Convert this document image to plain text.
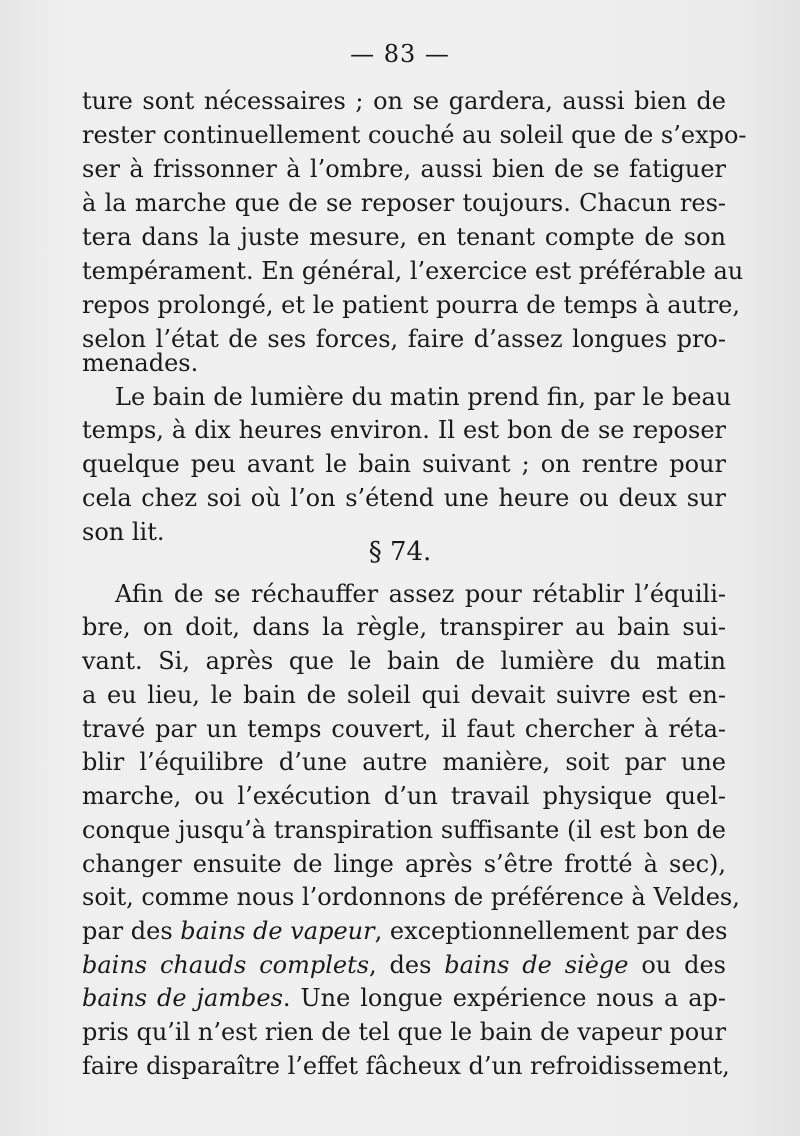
— 83 —
ture sont nécessaires ; on se gardera, aussi bien de
rester continuellement couché au soleil que de s’expo-
ser à frissonner à l’ombre, aussi bien de se fatiguer
à la marche que de se reposer toujours. Chacun res-
tera dans la juste mesure, en tenant compte de son
tempérament. En général, l’exercice est préférable au
repos prolongé, et le patient pourra de temps à autre,
selon l’état de ses forces, faire d’assez longues pro-
menades.
Le bain de lumière du matin prend fin, par le beau
temps, à dix heures environ. Il est bon de se reposer
quelque peu avant le bain suivant ; on rentre pour
cela chez soi où l’on s’étend une heure ou deux sur
son lit.
§ 74.
Afin de se réchauffer assez pour rétablir l’équili-
bre, on doit, dans la règle, transpirer au bain sui-
vant. Si, après que le bain de lumière du matin
a eu lieu, le bain de soleil qui devait suivre est en-
travé par un temps couvert, il faut chercher à réta-
blir l’équilibre d’une autre manière, soit par une
marche, ou l’exécution d’un travail physique quel-
conque jusqu’à transpiration suffisante (il est bon de
changer ensuite de linge après s’être frotté à sec),
soit, comme nous l’ordonnons de préférence à Veldes,
par des bains de vapeur, exceptionnellement par des
bains chauds complets, des bains de siège ou des
bains de jambes. Une longue expérience nous a ap-
pris qu’il n’est rien de tel que le bain de vapeur pour
faire disparaître l’effet fâcheux d’un refroidissement,
